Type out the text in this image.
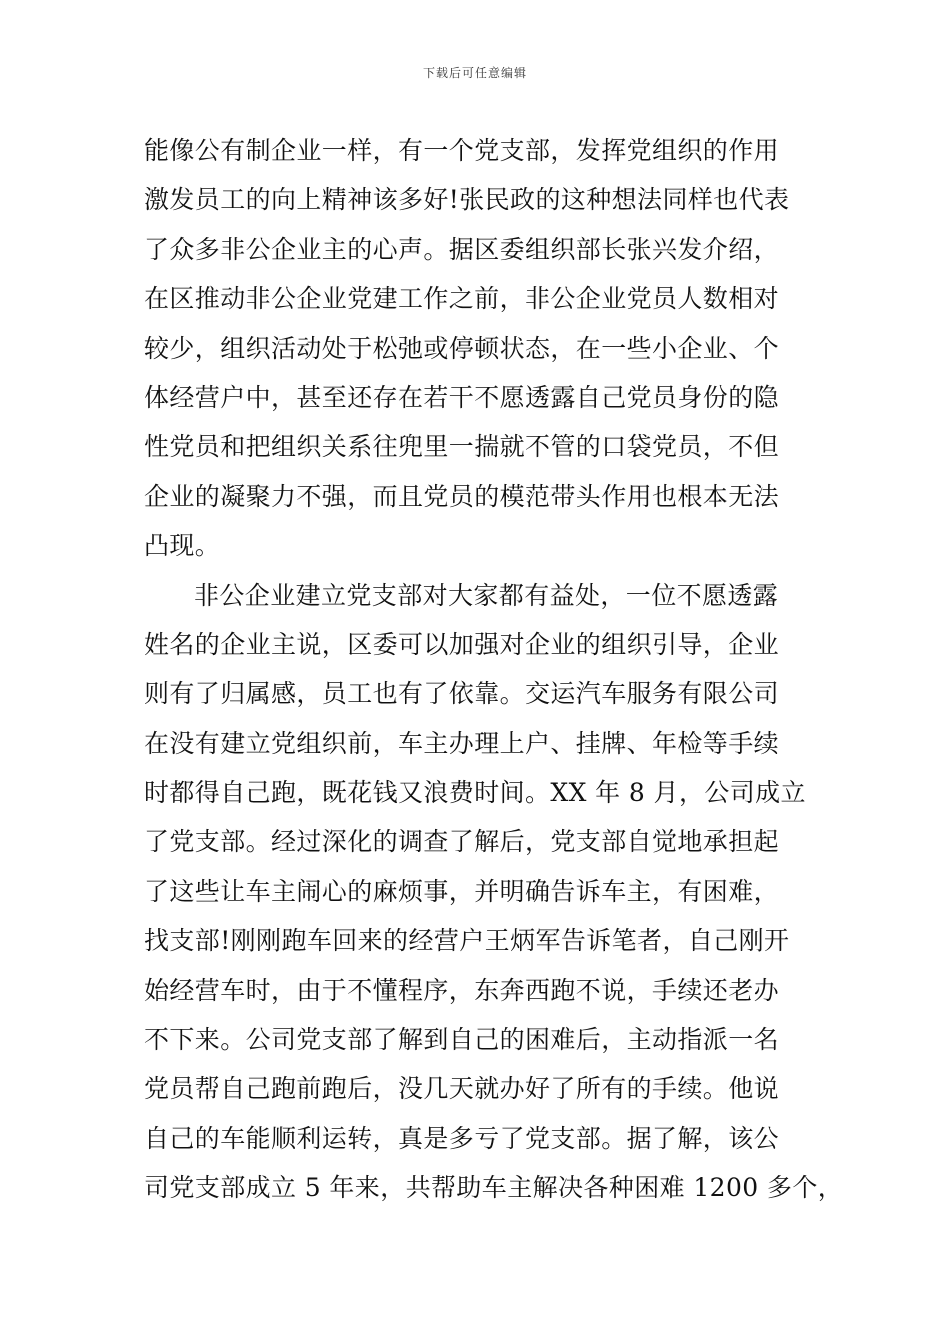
下载后可任意编辑
能像公有制企业一样，有一个党支部，发挥党组织的作用
激发员工的向上精神该多好!张民政的这种想法同样也代表
了众多非公企业主的心声。据区委组织部长张兴发介绍，
在区推动非公企业党建工作之前，非公企业党员人数相对
较少，组织活动处于松弛或停顿状态，在一些小企业、个
体经营户中，甚至还存在若干不愿透露自己党员身份的隐
性党员和把组织关系往兜里一揣就不管的口袋党员，不但
企业的凝聚力不强，而且党员的模范带头作用也根本无法
凸现。
非公企业建立党支部对大家都有益处，一位不愿透露
姓名的企业主说，区委可以加强对企业的组织引导，企业
则有了归属感，员工也有了依靠。交运汽车服务有限公司
在没有建立党组织前，车主办理上户、挂牌、年检等手续
时都得自己跑，既花钱又浪费时间。XX 年 8 月，公司成立
了党支部。经过深化的调查了解后，党支部自觉地承担起
了这些让车主闹心的麻烦事，并明确告诉车主，有困难，
找支部!刚刚跑车回来的经营户王炳军告诉笔者，自己刚开
始经营车时，由于不懂程序，东奔西跑不说，手续还老办
不下来。公司党支部了解到自己的困难后，主动指派一名
党员帮自己跑前跑后，没几天就办好了所有的手续。他说
自己的车能顺利运转，真是多亏了党支部。据了解，该公
司党支部成立 5 年来，共帮助车主解决各种困难 1200 多个，
